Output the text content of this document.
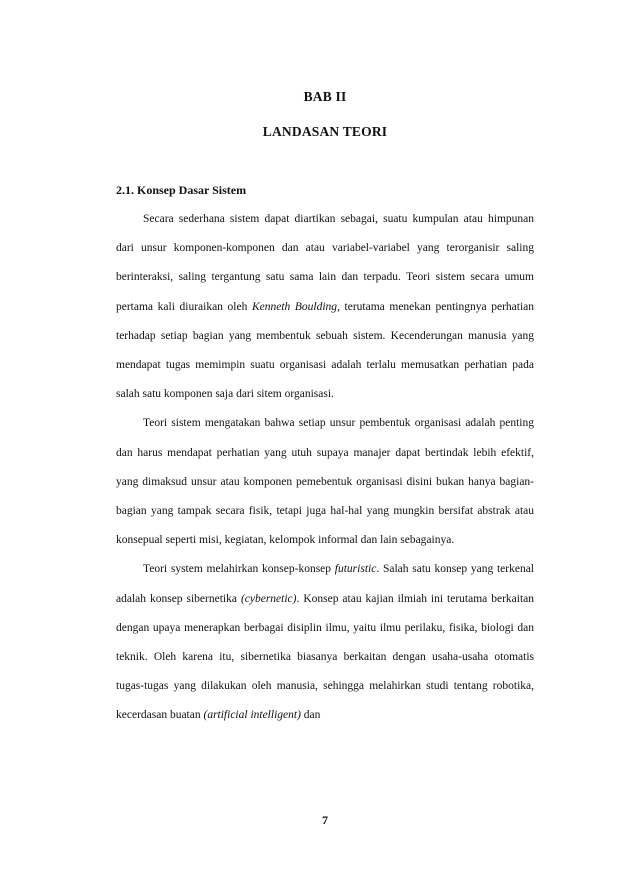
BAB II
LANDASAN TEORI
2.1. Konsep Dasar Sistem

Secara sederhana sistem dapat diartikan sebagai, suatu kumpulan atau himpunan dari unsur komponen-komponen dan atau variabel-variabel yang terorganisir saling berinteraksi, saling tergantung satu sama lain dan terpadu. Teori sistem secara umum pertama kali diuraikan oleh Kenneth Boulding, terutama menekan pentingnya perhatian terhadap setiap bagian yang membentuk sebuah sistem. Kecenderungan manusia yang mendapat tugas memimpin suatu organisasi adalah terlalu memusatkan perhatian pada salah satu komponen saja dari sitem organisasi.

Teori sistem mengatakan bahwa setiap unsur pembentuk organisasi adalah penting dan harus mendapat perhatian yang utuh supaya manajer dapat bertindak lebih efektif, yang dimaksud unsur atau komponen pemebentuk organisasi disini bukan hanya bagian-bagian yang tampak secara fisik, tetapi juga hal-hal yang mungkin bersifat abstrak atau konsepual seperti misi, kegiatan, kelompok informal dan lain sebagainya.

Teori system melahirkan konsep-konsep futuristic. Salah satu konsep yang terkenal adalah konsep sibernetika (cybernetic). Konsep atau kajian ilmiah ini terutama berkaitan dengan upaya menerapkan berbagai disiplin ilmu, yaitu ilmu perilaku, fisika, biologi dan teknik. Oleh karena itu, sibernetika biasanya berkaitan dengan usaha-usaha otomatis tugas-tugas yang dilakukan oleh manusia, sehingga melahirkan studi tentang robotika, kecerdasan buatan (artificial intelligent) dan

7
